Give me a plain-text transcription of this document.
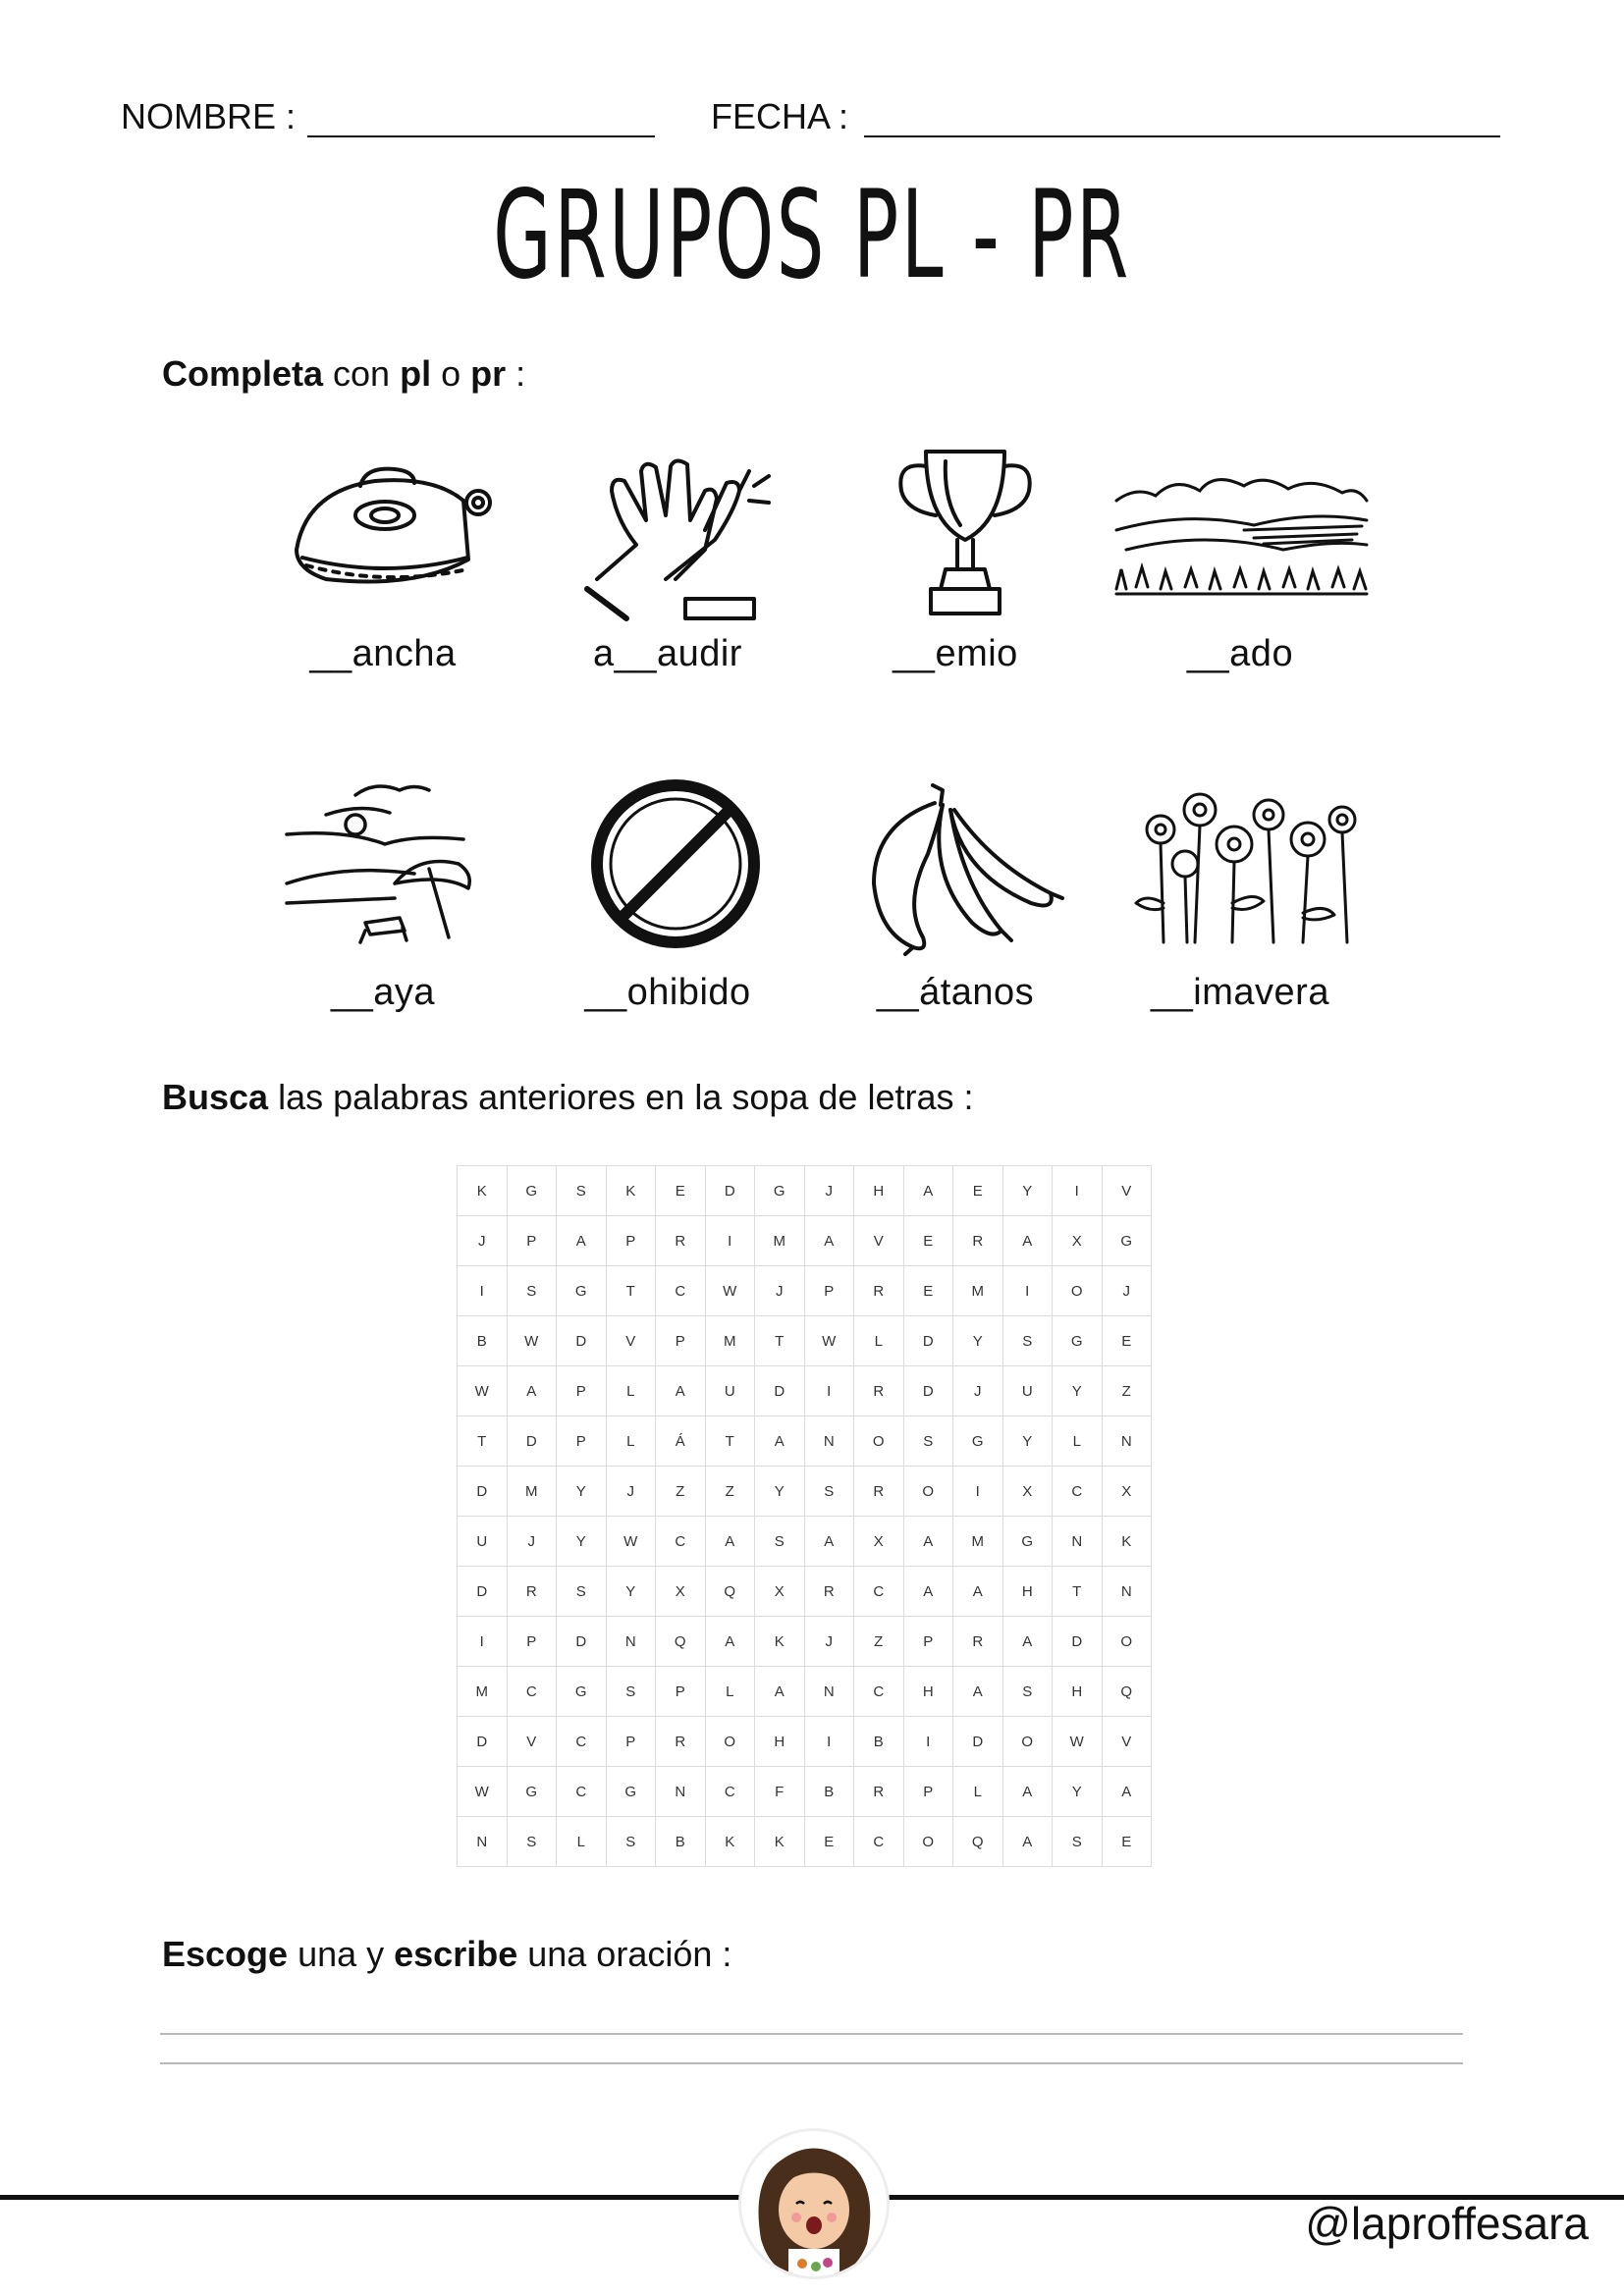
NOMBRE :	FECHA :
GRUPOS PL - PR
Completa con pl o pr :
__ancha	a__audir	__emio	__ado
__aya	__ohibido	__átanos	__imavera
Busca las palabras anteriores en la sopa de letras :
K	G	S	K	E	D	G	J	H	A	E	Y	I	V
J	P	A	P	R	I	M	A	V	E	R	A	X	G
I	S	G	T	C	W	J	P	R	E	M	I	O	J
B	W	D	V	P	M	T	W	L	D	Y	S	G	E
W	A	P	L	A	U	D	I	R	D	J	U	Y	Z
T	D	P	L	Á	T	A	N	O	S	G	Y	L	N
D	M	Y	J	Z	Z	Y	S	R	O	I	X	C	X
U	J	Y	W	C	A	S	A	X	A	M	G	N	K
D	R	S	Y	X	Q	X	R	C	A	A	H	T	N
I	P	D	N	Q	A	K	J	Z	P	R	A	D	O
M	C	G	S	P	L	A	N	C	H	A	S	H	Q
D	V	C	P	R	O	H	I	B	I	D	O	W	V
W	G	C	G	N	C	F	B	R	P	L	A	Y	A
N	S	L	S	B	K	K	E	C	O	Q	A	S	E
Escoge una y escribe una oración :
@laproffesara
